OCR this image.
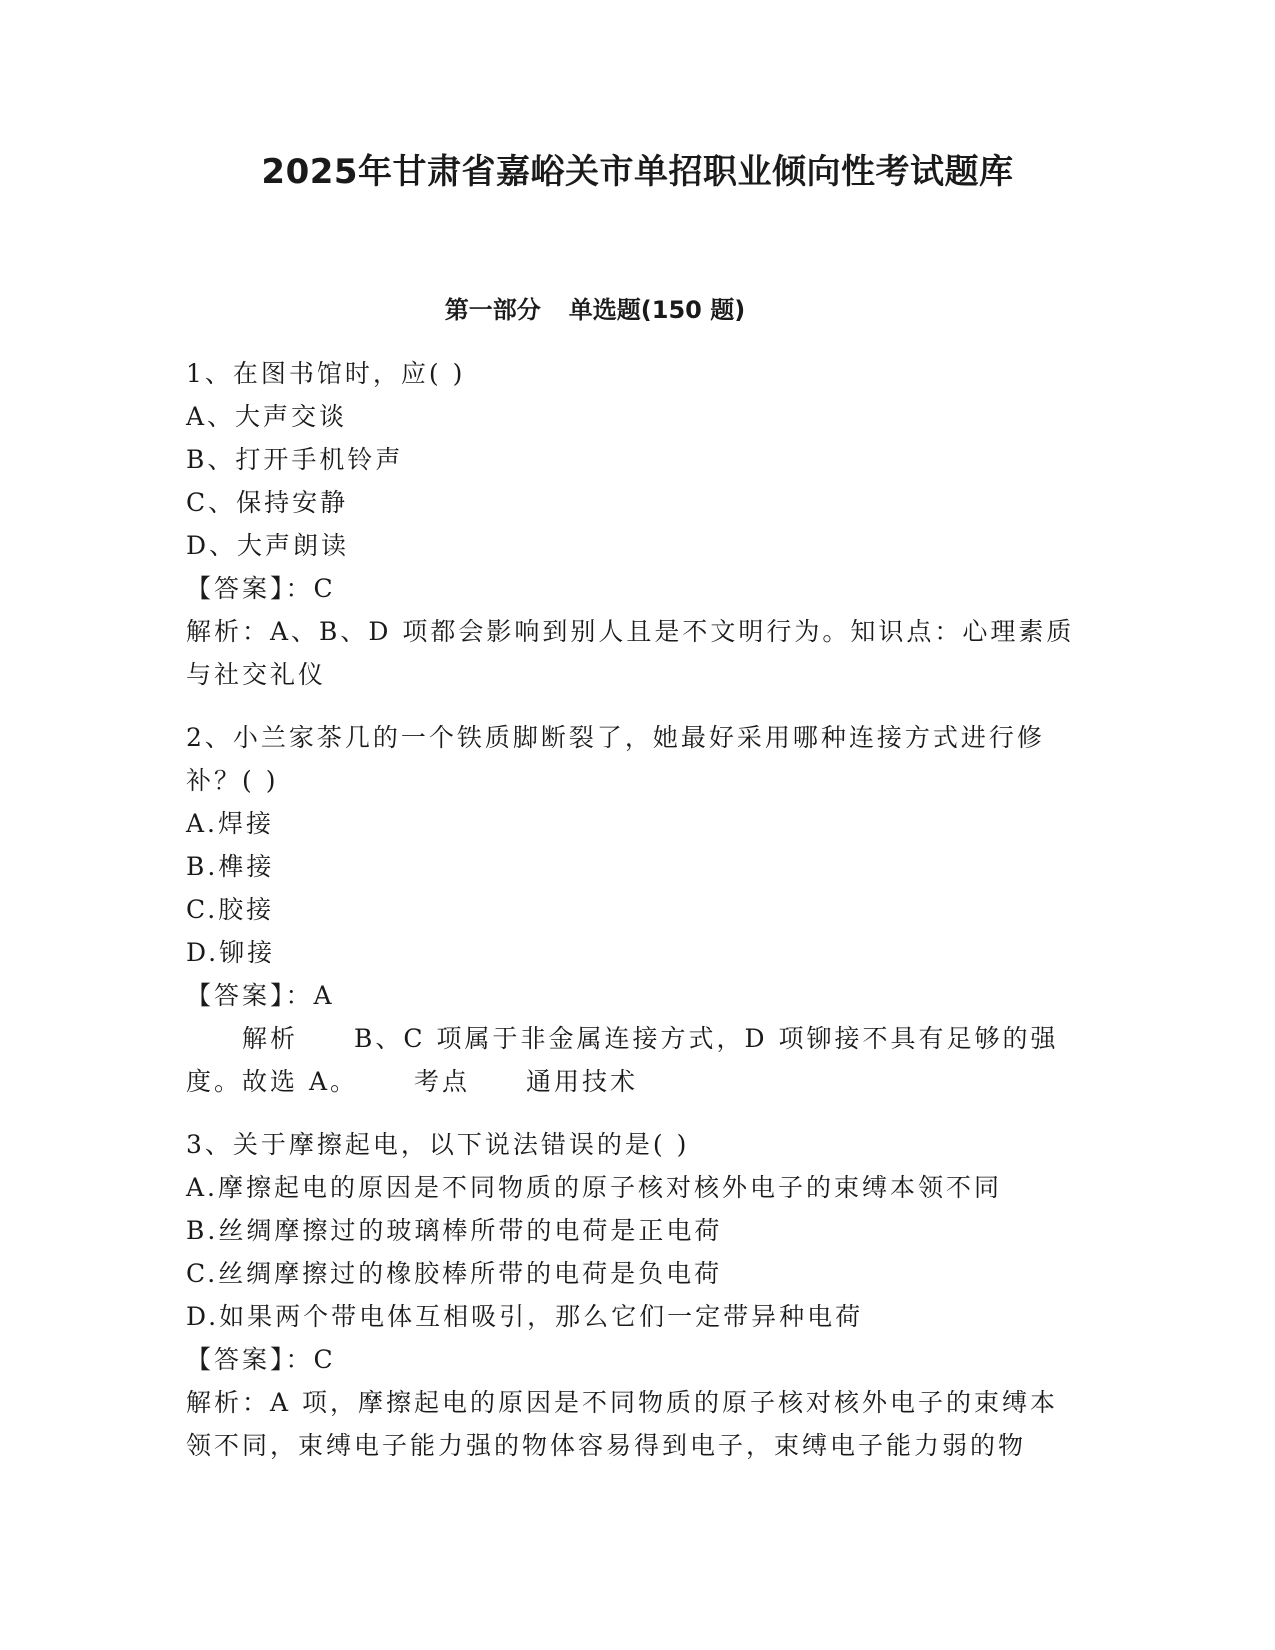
2025年甘肃省嘉峪关市单招职业倾向性考试题库
第一部分 单选题(150 题)
1、在图书馆时，应( )
A、大声交谈
B、打开手机铃声
C、保持安静
D、大声朗读
【答案】：C
解析：A、B、D 项都会影响到别人且是不文明行为。知识点：心理素质
与社交礼仪
2、小兰家茶几的一个铁质脚断裂了，她最好采用哪种连接方式进行修
补？( )
A.焊接
B.榫接
C.胶接
D.铆接
【答案】：A
解析 B、C 项属于非金属连接方式，D 项铆接不具有足够的强
度。故选 A。 考点 通用技术
3、关于摩擦起电，以下说法错误的是( )
A.摩擦起电的原因是不同物质的原子核对核外电子的束缚本领不同
B.丝绸摩擦过的玻璃棒所带的电荷是正电荷
C.丝绸摩擦过的橡胶棒所带的电荷是负电荷
D.如果两个带电体互相吸引，那么它们一定带异种电荷
【答案】：C
解析：A 项，摩擦起电的原因是不同物质的原子核对核外电子的束缚本
领不同，束缚电子能力强的物体容易得到电子，束缚电子能力弱的物
